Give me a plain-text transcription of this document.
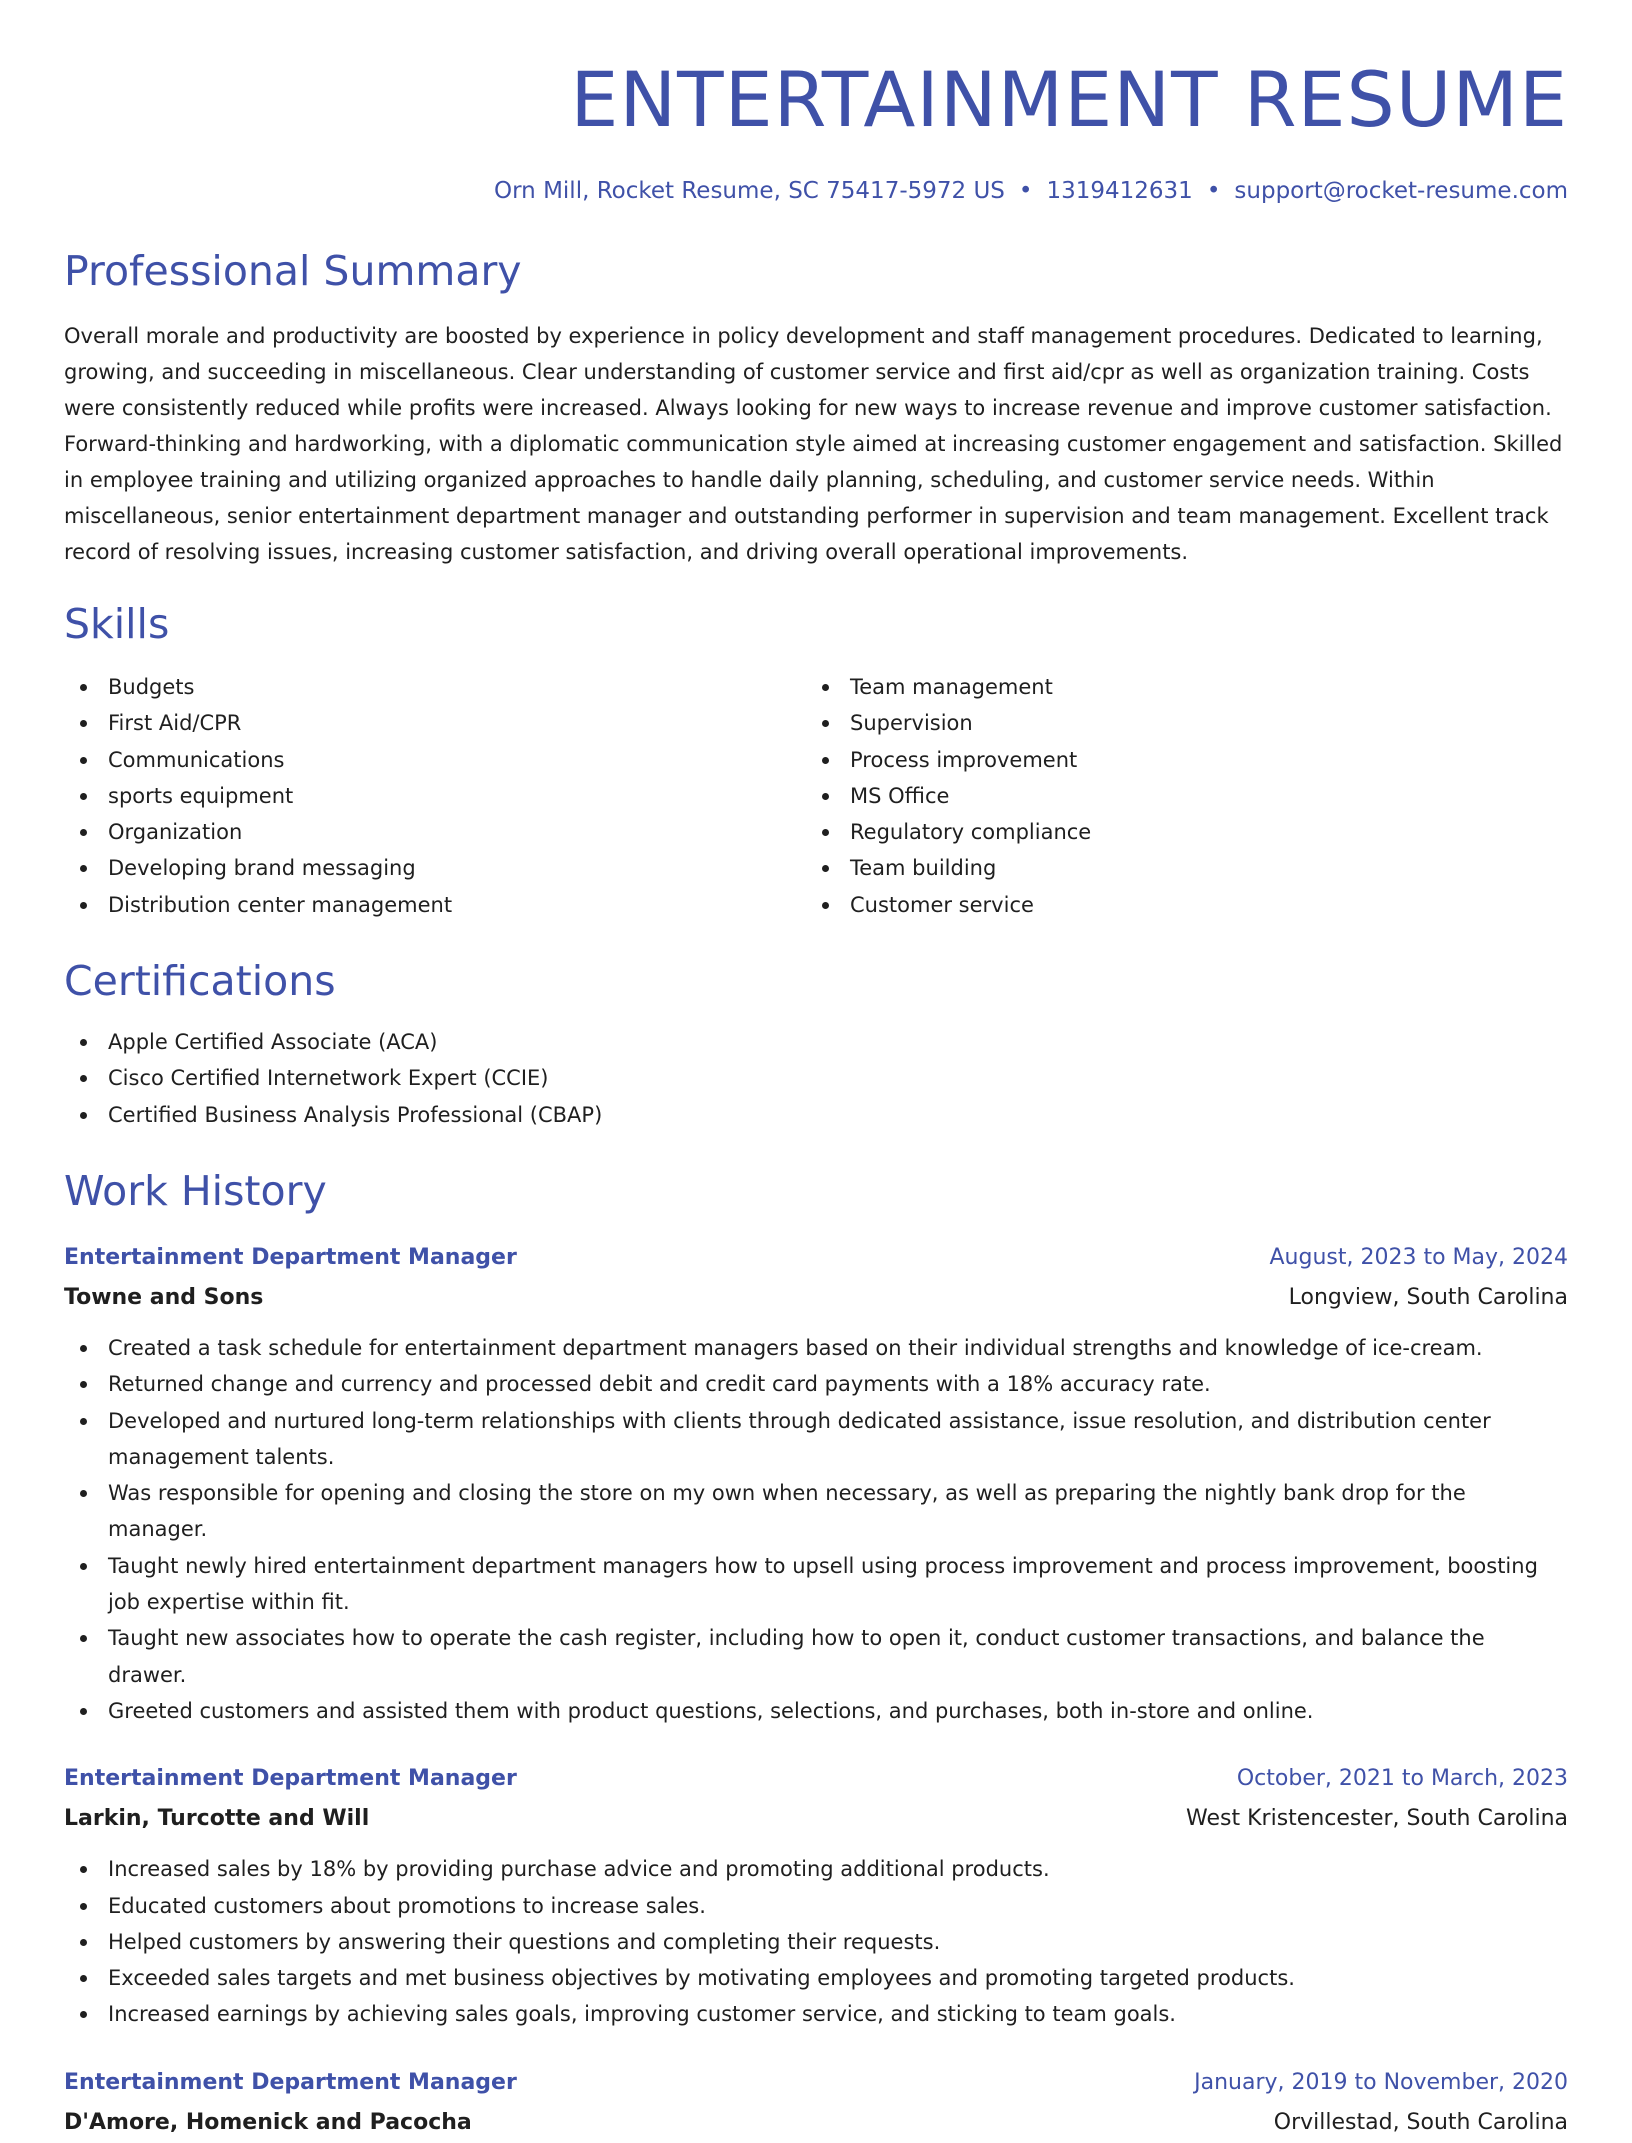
ENTERTAINMENT RESUME
Orn Mill, Rocket Resume, SC 75417-5972 US • 1319412631 • support@rocket-resume.com
Professional Summary

Overall morale and productivity are boosted by experience in policy development and staff management procedures. Dedicated to learning, growing, and succeeding in miscellaneous. Clear understanding of customer service and first aid/cpr as well as organization training. Costs were consistently reduced while profits were increased. Always looking for new ways to increase revenue and improve customer satisfaction. Forward-thinking and hardworking, with a diplomatic communication style aimed at increasing customer engagement and satisfaction. Skilled in employee training and utilizing organized approaches to handle daily planning, scheduling, and customer service needs. Within miscellaneous, senior entertainment department manager and outstanding performer in supervision and team management. Excellent track record of resolving issues, increasing customer satisfaction, and driving overall operational improvements.

Skills
Budgets
First Aid/CPR
Communications
sports equipment
Organization
Developing brand messaging
Distribution center management
Team management
Supervision
Process improvement
MS Office
Regulatory compliance
Team building
Customer service
Certifications
Apple Certified Associate (ACA)
Cisco Certified Internetwork Expert (CCIE)
Certified Business Analysis Professional (CBAP)
Work History
Entertainment Department Manager	August, 2023 to May, 2024
Towne and Sons	Longview, South Carolina
Created a task schedule for entertainment department managers based on their individual strengths and knowledge of ice-cream.
Returned change and currency and processed debit and credit card payments with a 18% accuracy rate.
Developed and nurtured long-term relationships with clients through dedicated assistance, issue resolution, and distribution center management talents.
Was responsible for opening and closing the store on my own when necessary, as well as preparing the nightly bank drop for the manager.
Taught newly hired entertainment department managers how to upsell using process improvement and process improvement, boosting job expertise within fit.
Taught new associates how to operate the cash register, including how to open it, conduct customer transactions, and balance the drawer.
Greeted customers and assisted them with product questions, selections, and purchases, both in-store and online.
Entertainment Department Manager	October, 2021 to March, 2023
Larkin, Turcotte and Will	West Kristencester, South Carolina
Increased sales by 18% by providing purchase advice and promoting additional products.
Educated customers about promotions to increase sales.
Helped customers by answering their questions and completing their requests.
Exceeded sales targets and met business objectives by motivating employees and promoting targeted products.
Increased earnings by achieving sales goals, improving customer service, and sticking to team goals.
Entertainment Department Manager	January, 2019 to November, 2020
D'Amore, Homenick and Pacocha	Orvillestad, South Carolina
